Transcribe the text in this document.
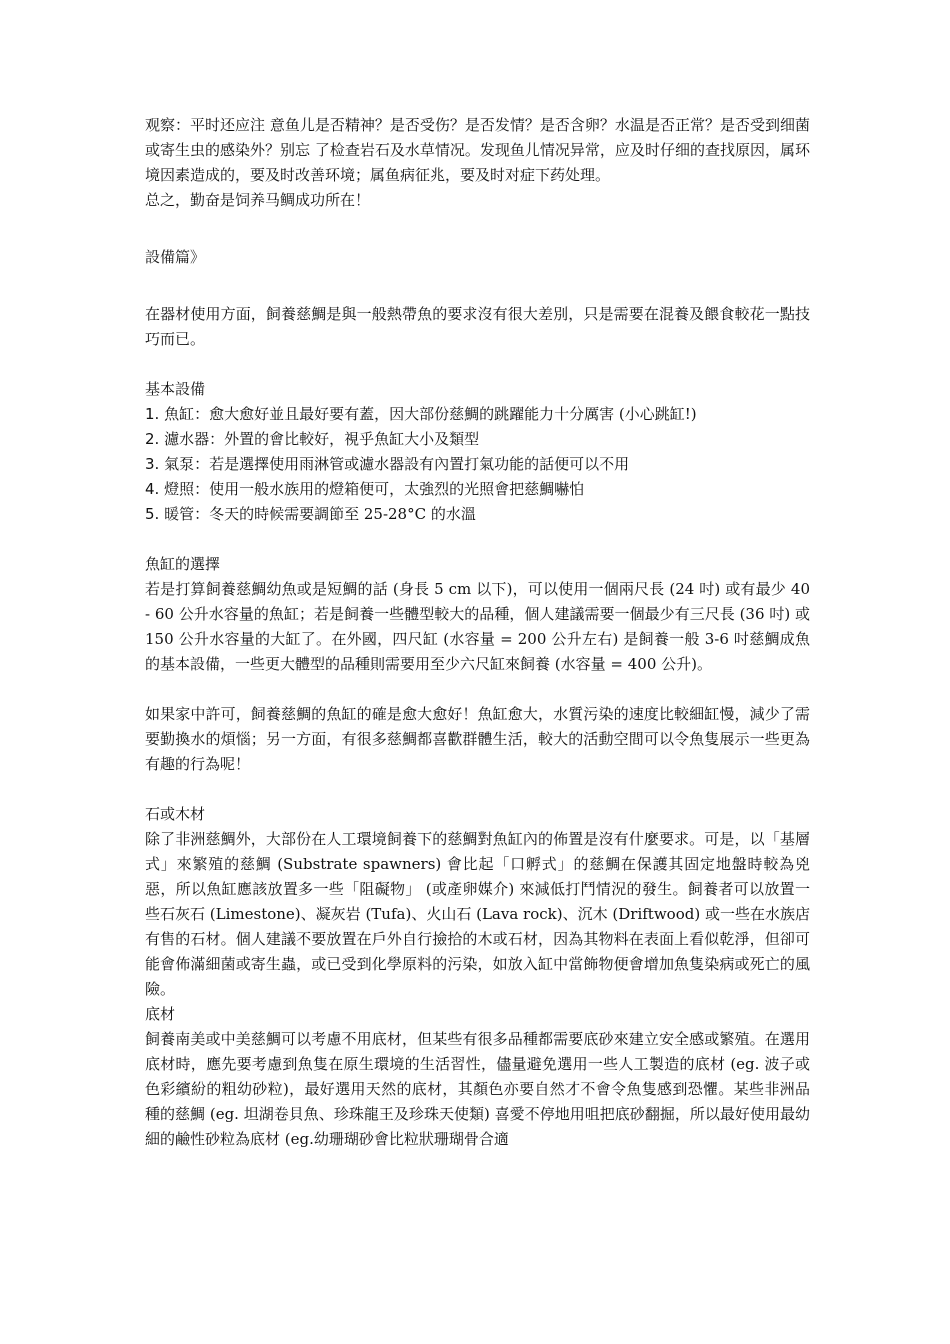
观察：平时还应注 意鱼儿是否精神？是否受伤？是否发情？是否含卵？水温是否正常？是否受到细菌或寄生虫的感染外？别忘 了检查岩石及水草情况。发现鱼儿情况异常，应及时仔细的查找原因，属环境因素造成的，要及时改善环境；属鱼病征兆，要及时对症下药处理。

总之，勤奋是饲养马鲷成功所在！

設備篇》

在器材使用方面，飼養慈鯛是與一般熱帶魚的要求沒有很大差別，只是需要在混養及餵食較花一點技巧而已。

基本設備

1. 魚缸：愈大愈好並且最好要有蓋，因大部份慈鯛的跳躍能力十分厲害 (小心跳缸!)
2. 濾水器：外置的會比較好，視乎魚缸大小及類型
3. 氣泵：若是選擇使用雨淋管或濾水器設有內置打氣功能的話便可以不用
4. 燈照：使用一般水族用的燈箱便可，太強烈的光照會把慈鯛嚇怕
5. 暖管：冬天的時候需要調節至 25-28°C 的水溫

魚缸的選擇

若是打算飼養慈鯛幼魚或是短鯛的話 (身長 5 cm 以下)，可以使用一個兩尺長 (24 吋) 或有最少 40 - 60 公升水容量的魚缸；若是飼養一些體型較大的品種，個人建議需要一個最少有三尺長 (36 吋) 或 150 公升水容量的大缸了。在外國，四尺缸 (水容量 = 200 公升左右) 是飼養一般 3-6 吋慈鯛成魚的基本設備，一些更大體型的品種則需要用至少六尺缸來飼養 (水容量 = 400 公升)。

如果家中許可，飼養慈鯛的魚缸的確是愈大愈好！魚缸愈大，水質污染的速度比較細缸慢，減少了需要勤換水的煩惱；另一方面，有很多慈鯛都喜歡群體生活，較大的活動空間可以令魚隻展示一些更為有趣的行為呢！

石或木材

除了非洲慈鯛外，大部份在人工環境飼養下的慈鯛對魚缸內的佈置是沒有什麼要求。可是，以「基層式」來繁殖的慈鯛 (Substrate spawners) 會比起「口孵式」的慈鯛在保護其固定地盤時較為兇惡，所以魚缸應該放置多一些「阻礙物」 (或產卵媒介) 來減低打鬥情況的發生。飼養者可以放置一些石灰石 (Limestone)、凝灰岩 (Tufa)、火山石 (Lava rock)、沉木 (Driftwood) 或一些在水族店有售的石材。個人建議不要放置在戶外自行撿拾的木或石材，因為其物料在表面上看似乾淨，但卻可能會佈滿細菌或寄生蟲，或已受到化學原料的污染，如放入缸中當飾物便會增加魚隻染病或死亡的風險。

底材

飼養南美或中美慈鯛可以考慮不用底材，但某些有很多品種都需要底砂來建立安全感或繁殖。在選用底材時，應先要考慮到魚隻在原生環境的生活習性，儘量避免選用一些人工製造的底材 (eg. 波子或色彩繽紛的粗幼砂粒)，最好選用天然的底材，其顏色亦要自然才不會令魚隻感到恐懼。某些非洲品種的慈鯛 (eg. 坦湖卷貝魚、珍珠龍王及珍珠天使類) 喜愛不停地用咀把底砂翻掘，所以最好使用最幼細的鹼性砂粒為底材 (eg.幼珊瑚砂會比粒狀珊瑚骨合適
